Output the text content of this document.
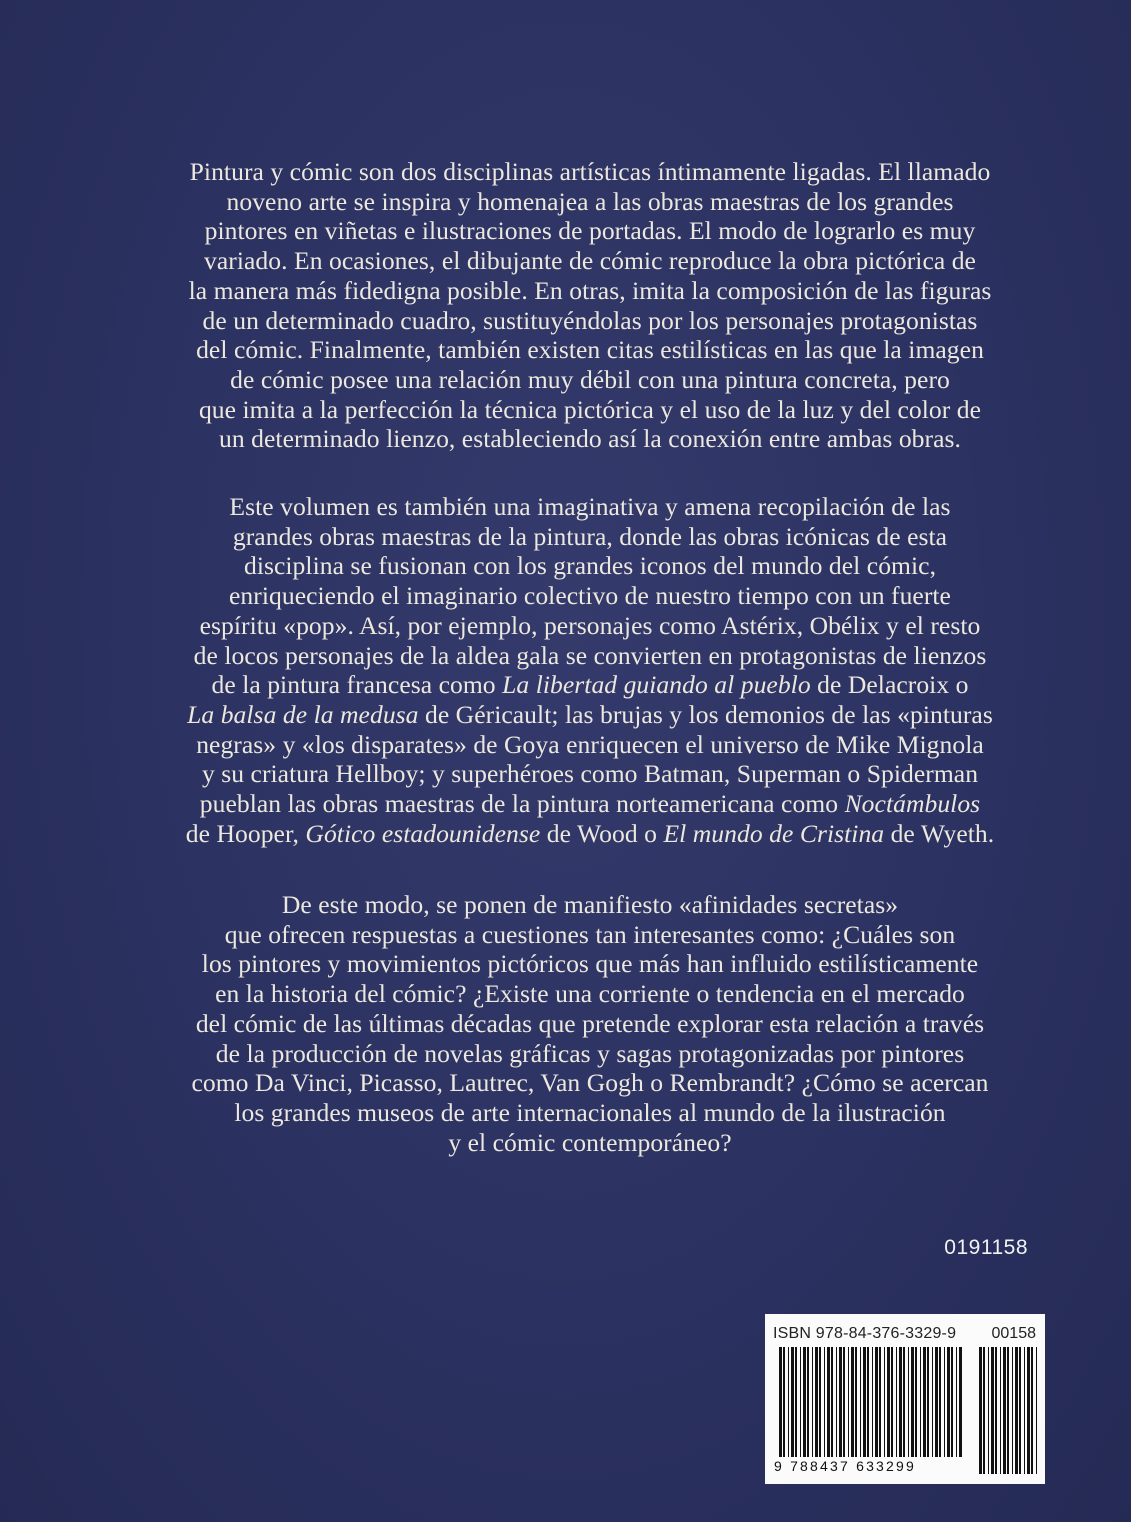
Pintura y cómic son dos disciplinas artísticas íntimamente ligadas. El llamado
noveno arte se inspira y homenajea a las obras maestras de los grandes
pintores en viñetas e ilustraciones de portadas. El modo de lograrlo es muy
variado. En ocasiones, el dibujante de cómic reproduce la obra pictórica de
la manera más fidedigna posible. En otras, imita la composición de las figuras
de un determinado cuadro, sustituyéndolas por los personajes protagonistas
del cómic. Finalmente, también existen citas estilísticas en las que la imagen
de cómic posee una relación muy débil con una pintura concreta, pero
que imita a la perfección la técnica pictórica y el uso de la luz y del color de
un determinado lienzo, estableciendo así la conexión entre ambas obras.
Este volumen es también una imaginativa y amena recopilación de las
grandes obras maestras de la pintura, donde las obras icónicas de esta
disciplina se fusionan con los grandes iconos del mundo del cómic,
enriqueciendo el imaginario colectivo de nuestro tiempo con un fuerte
espíritu «pop». Así, por ejemplo, personajes como Astérix, Obélix y el resto
de locos personajes de la aldea gala se convierten en protagonistas de lienzos
de la pintura francesa como La libertad guiando al pueblo de Delacroix o
La balsa de la medusa de Géricault; las brujas y los demonios de las «pinturas
negras» y «los disparates» de Goya enriquecen el universo de Mike Mignola
y su criatura Hellboy; y superhéroes como Batman, Superman o Spiderman
pueblan las obras maestras de la pintura norteamericana como Noctámbulos
de Hooper, Gótico estadounidense de Wood o El mundo de Cristina de Wyeth.
De este modo, se ponen de manifiesto «afinidades secretas»
que ofrecen respuestas a cuestiones tan interesantes como: ¿Cuáles son
los pintores y movimientos pictóricos que más han influido estilísticamente
en la historia del cómic? ¿Existe una corriente o tendencia en el mercado
del cómic de las últimas décadas que pretende explorar esta relación a través
de la producción de novelas gráficas y sagas protagonizadas por pintores
como Da Vinci, Picasso, Lautrec, Van Gogh o Rembrandt? ¿Cómo se acercan
los grandes museos de arte internacionales al mundo de la ilustración
y el cómic contemporáneo?
0191158
ISBN 978-84-376-3329-9 00158
9 788437 633299
